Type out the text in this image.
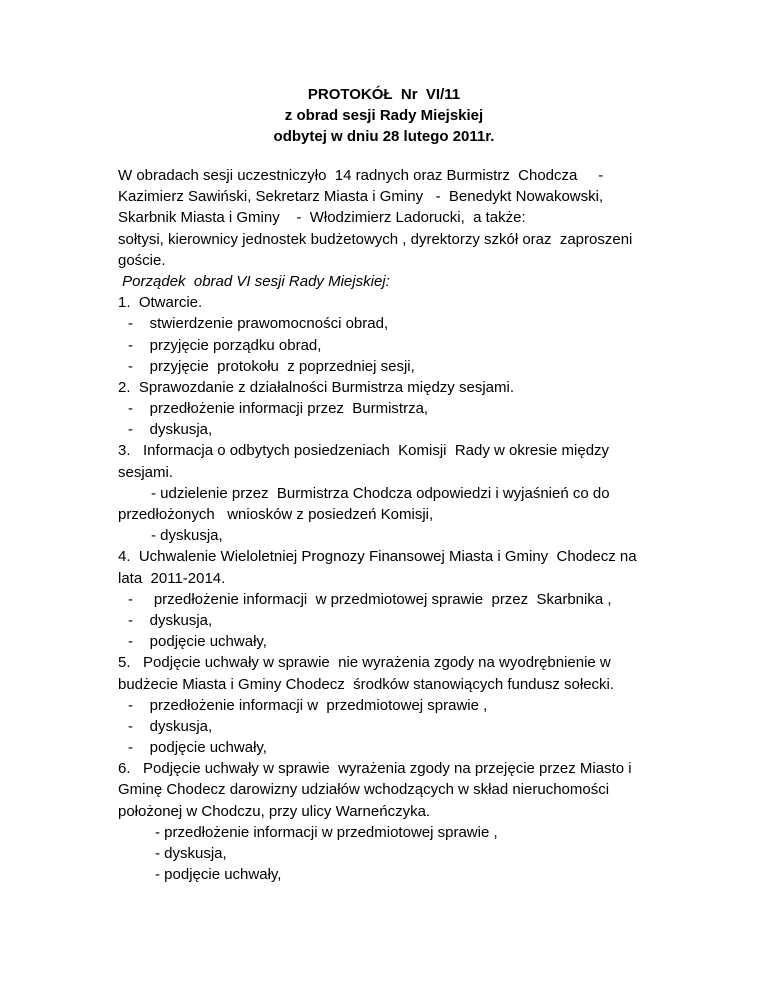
PROTOKÓŁ  Nr  VI/11
z obrad sesji Rady Miejskiej
odbytej w dniu 28 lutego 2011r.
W obradach sesji uczestniczyło  14 radnych oraz Burmistrz  Chodcza     -
Kazimierz Sawiński, Sekretarz Miasta i Gminy   -  Benedykt Nowakowski,
Skarbnik Miasta i Gminy    -  Włodzimierz Ladorucki,  a także:
sołtysi, kierownicy jednostek budżetowych , dyrektorzy szkół oraz  zaproszeni
goście.
Porządek  obrad VI sesji Rady Miejskiej:
1.  Otwarcie.
-    stwierdzenie prawomocności obrad,
-    przyjęcie porządku obrad,
-    przyjęcie  protokołu  z poprzedniej sesji,
2.  Sprawozdanie z działalności Burmistrza między sesjami.
-    przedłożenie informacji przez  Burmistrza,
-    dyskusja,
3.   Informacja o odbytych posiedzeniach  Komisji  Rady w okresie między
sesjami.
- udzielenie przez  Burmistrza Chodcza odpowiedzi i wyjaśnień co do
przedłożonych   wniosków z posiedzeń Komisji,
- dyskusja,
4.  Uchwalenie Wieloletniej Prognozy Finansowej Miasta i Gminy  Chodecz na
lata  2011-2014.
-     przedłożenie informacji  w przedmiotowej sprawie  przez  Skarbnika ,
-    dyskusja,
-    podjęcie uchwały,
5.   Podjęcie uchwały w sprawie  nie wyrażenia zgody na wyodrębnienie w
budżecie Miasta i Gminy Chodecz  środków stanowiących fundusz sołecki.
-    przedłożenie informacji w  przedmiotowej sprawie ,
-    dyskusja,
-    podjęcie uchwały,
6.   Podjęcie uchwały w sprawie  wyrażenia zgody na przejęcie przez Miasto i
Gminę Chodecz darowizny udziałów wchodzących w skład nieruchomości
położonej w Chodczu, przy ulicy Warneńczyka.
- przedłożenie informacji w przedmiotowej sprawie ,
- dyskusja,
- podjęcie uchwały,
